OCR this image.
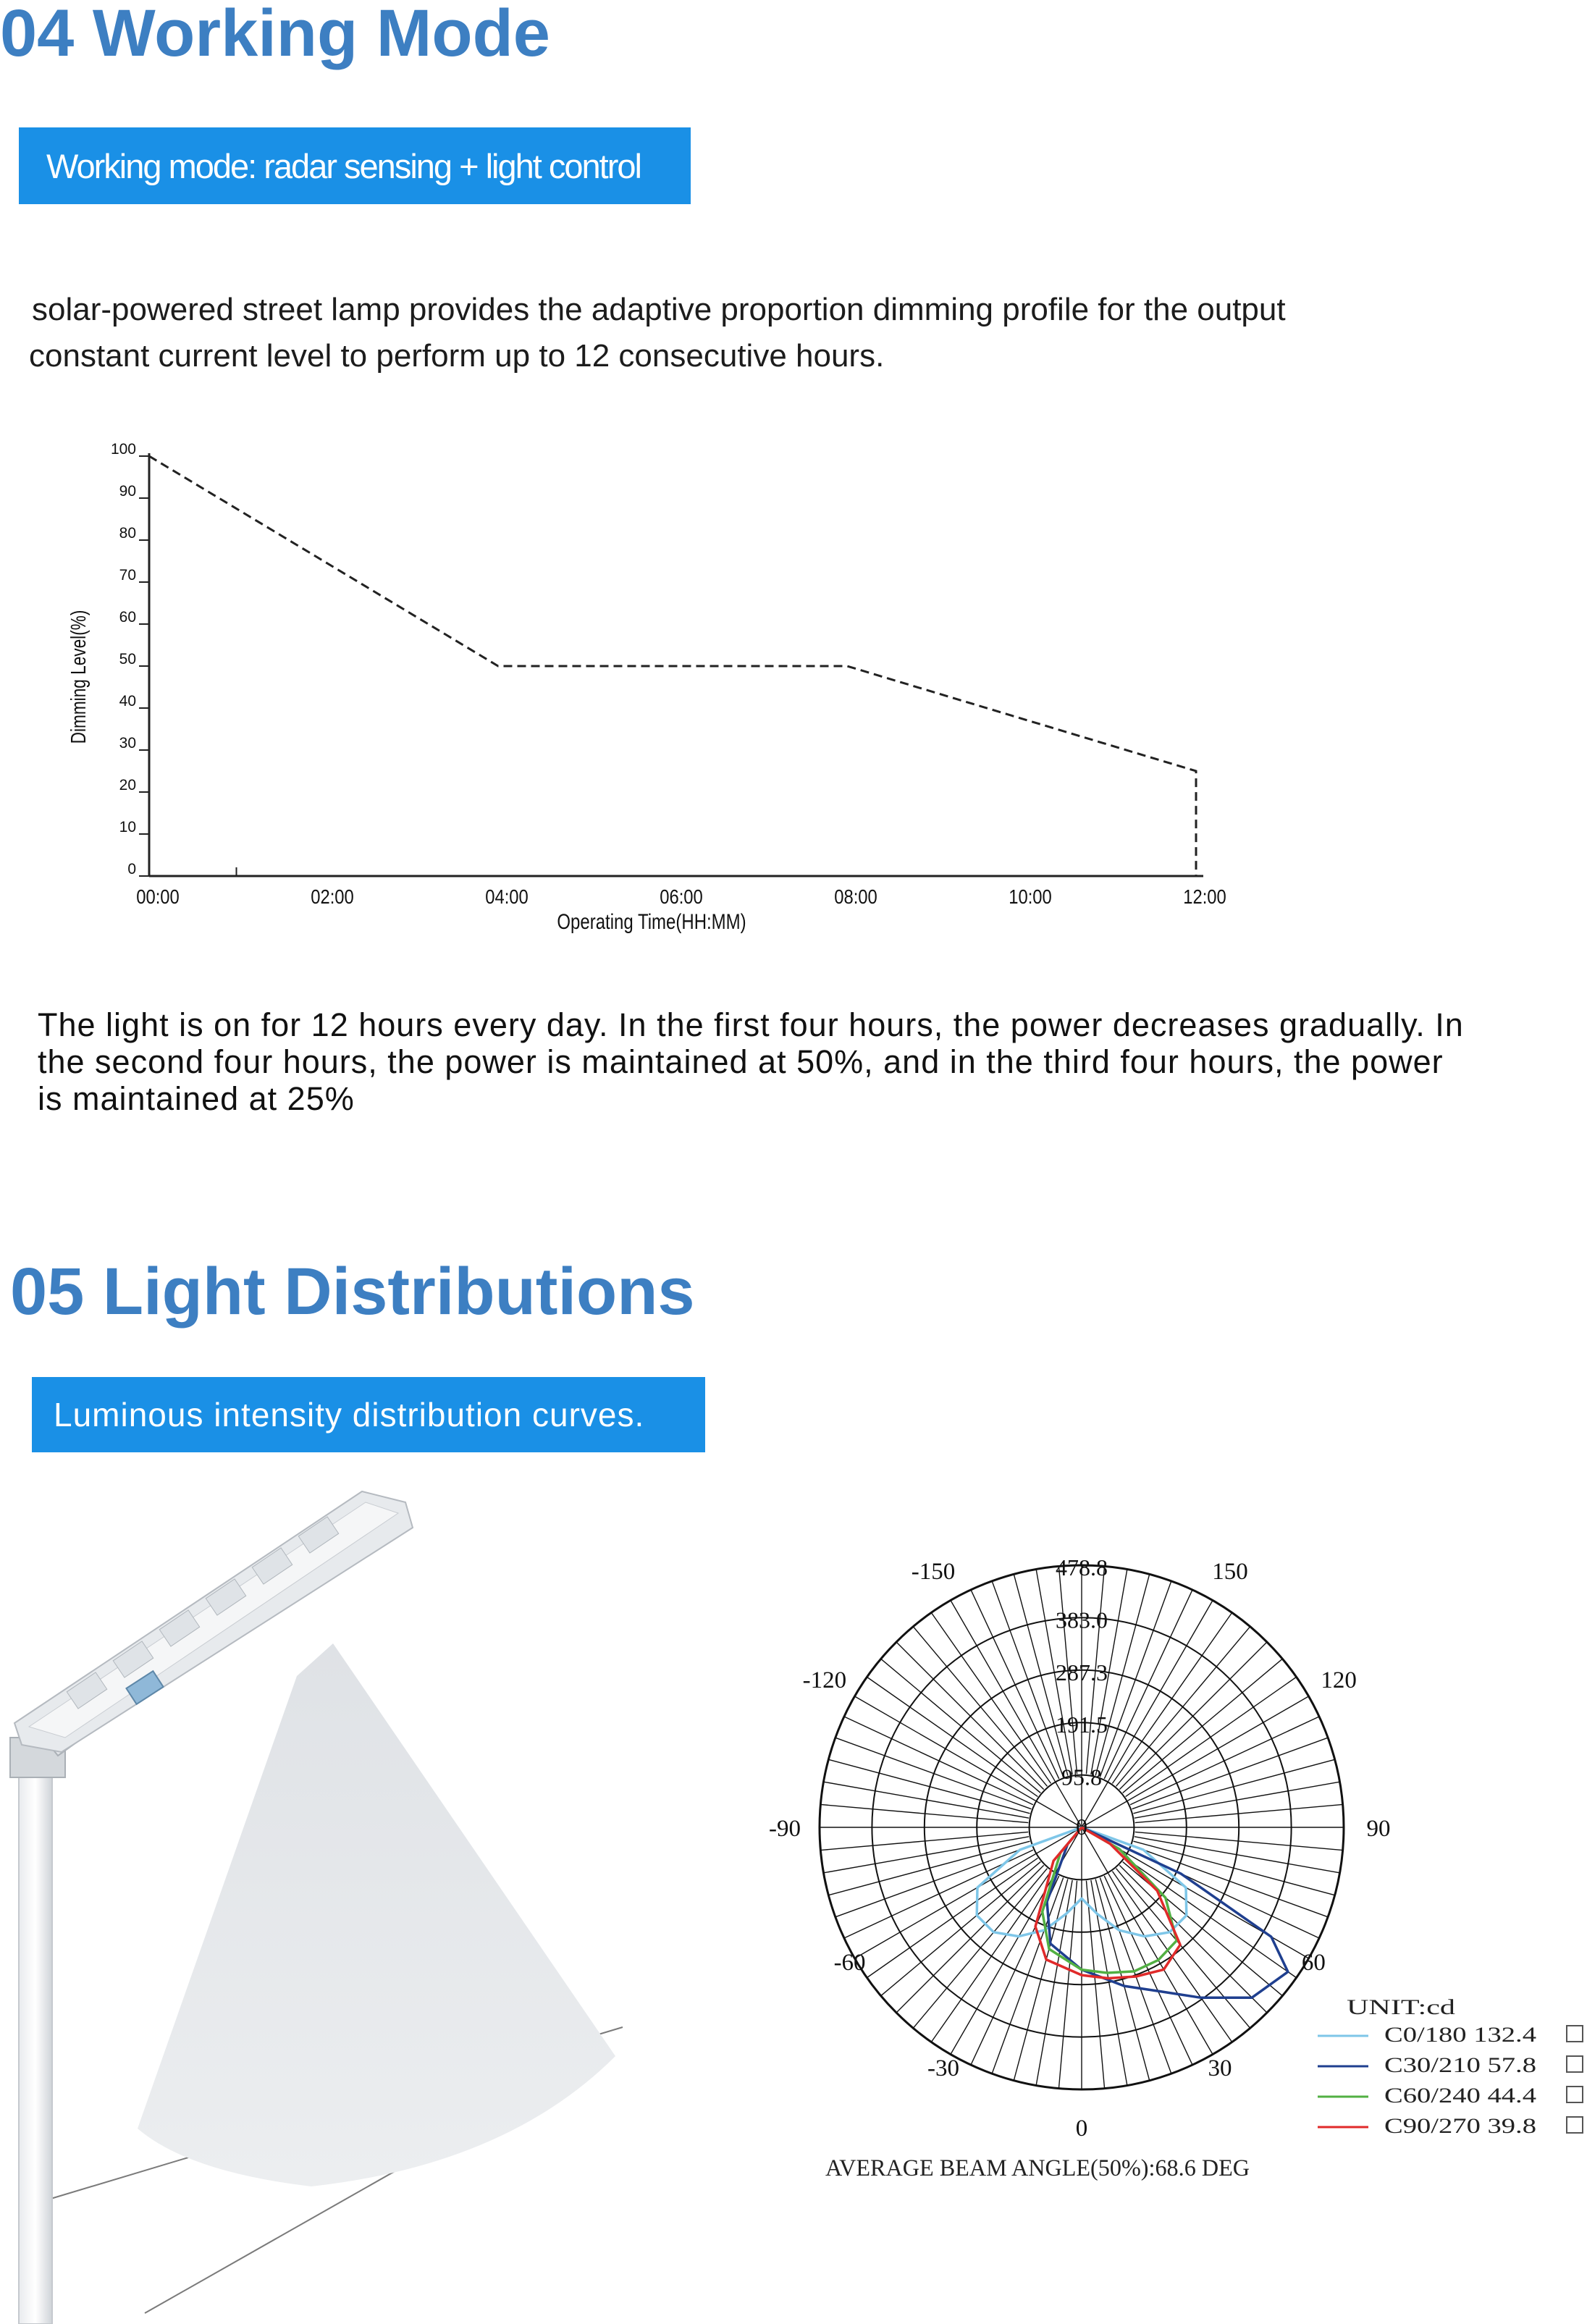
04 Working Mode
Working mode: radar sensing + light control
solar-powered street lamp provides the adaptive proportion dimming profile for the output
constant current level to perform up to 12 consecutive hours.
0
10
20
30
40
50
60
70
80
90
100
00:00	02:00	04:00	06:00	08:00	10:00	12:00
Dimming Level(%)
Operating Time(HH:MM)
The light is on for 12 hours every day. In the first four hours, the power decreases gradually. In
the second four hours, the power is maintained at 50%, and in the third four hours, the power
is maintained at 25%
05 Light Distributions
Luminous intensity distribution curves.
95.8
191.5
287.3
383.0
478.8
0
-150	150
-120	120
-90	90
-60	60
-30	30
0
AVERAGE BEAM ANGLE(50%):68.6 DEG
UNIT:cd
C0/180 132.4
C30/210 57.8
C60/240 44.4
C90/270 39.8
